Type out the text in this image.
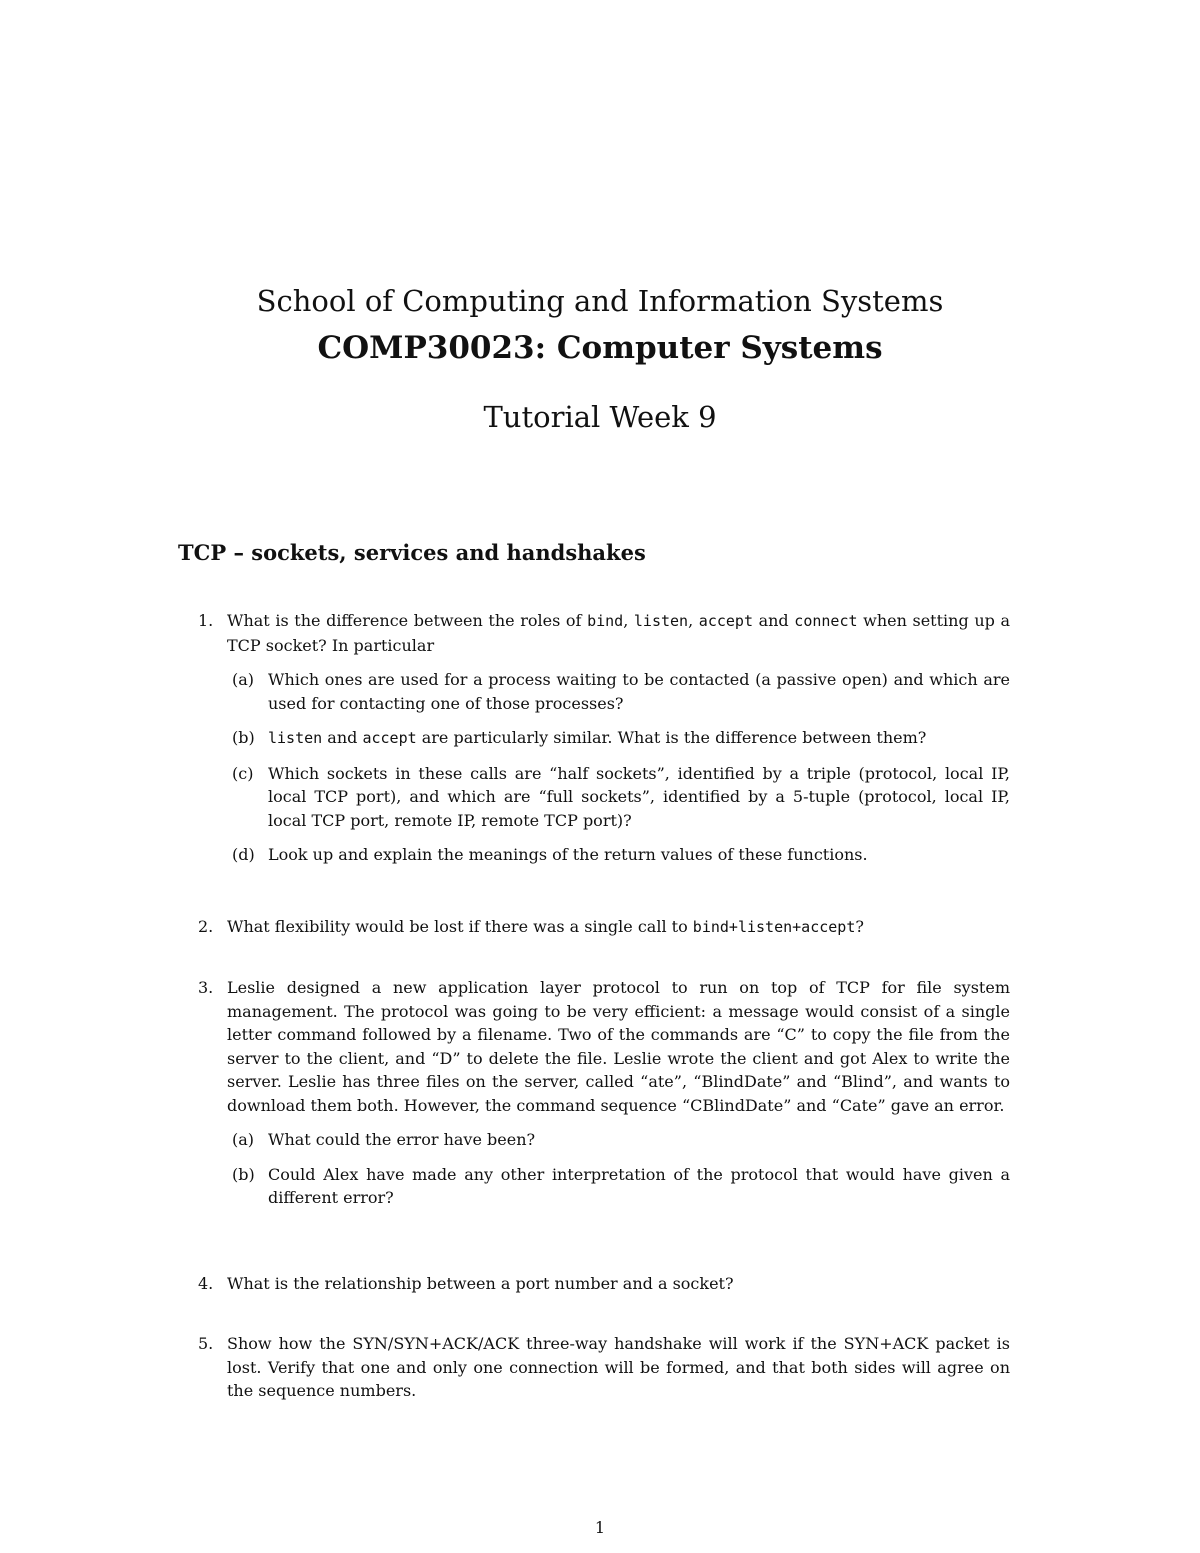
School of Computing and Information Systems
COMP30023: Computer Systems
Tutorial Week 9
TCP – sockets, services and handshakes
1. What is the difference between the roles of bind, listen, accept and connect when setting up a TCP socket? In particular
(a) Which ones are used for a process waiting to be contacted (a passive open) and which are used for contacting one of those processes?
(b) listen and accept are particularly similar. What is the difference between them?
(c) Which sockets in these calls are “half sockets”, identified by a triple (protocol, local IP, local TCP port), and which are “full sockets”, identified by a 5-tuple (protocol, local IP, local TCP port, remote IP, remote TCP port)?
(d) Look up and explain the meanings of the return values of these functions.
2. What flexibility would be lost if there was a single call to bind+listen+accept?
3. Leslie designed a new application layer protocol to run on top of TCP for file system management. The protocol was going to be very efficient: a message would consist of a single letter command followed by a filename. Two of the commands are “C” to copy the file from the server to the client, and “D” to delete the file. Leslie wrote the client and got Alex to write the server. Leslie has three files on the server, called “ate”, “BlindDate” and “Blind”, and wants to download them both. However, the command sequence “CBlindDate” and “Cate” gave an error.
(a) What could the error have been?
(b) Could Alex have made any other interpretation of the protocol that would have given a different error?
4. What is the relationship between a port number and a socket?
5. Show how the SYN/SYN+ACK/ACK three-way handshake will work if the SYN+ACK packet is lost. Verify that one and only one connection will be formed, and that both sides will agree on the sequence numbers.
1
